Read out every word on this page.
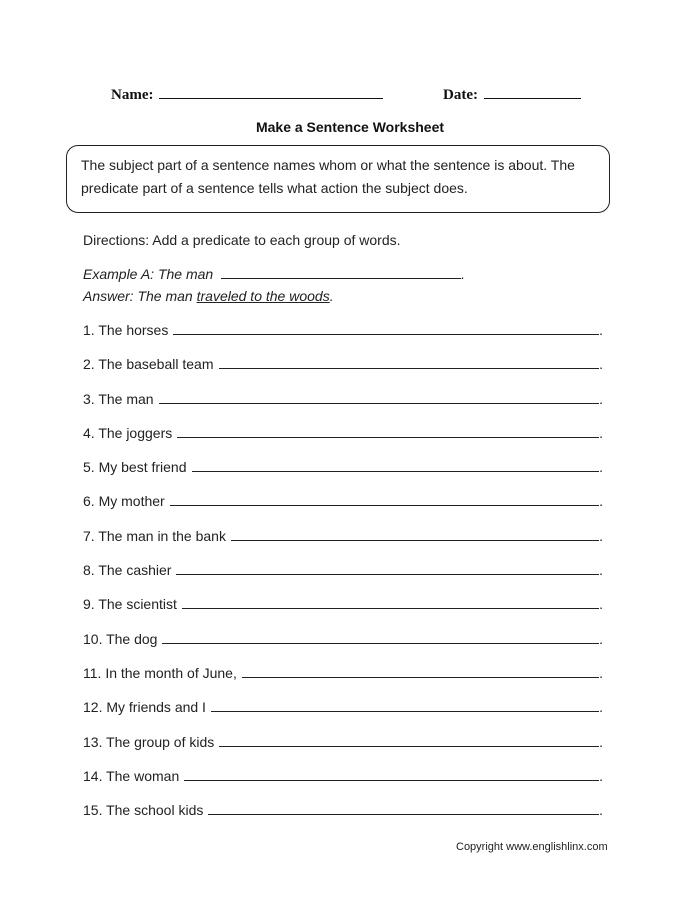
Name:	Date:
Make a Sentence Worksheet
The subject part of a sentence names whom or what the sentence is about. The
predicate part of a sentence tells what action the subject does.
Directions: Add a predicate to each group of words.
Example A: The man	.
Answer: The man traveled to the woods.
1. The horses	.
2. The baseball team	.
3. The man	.
4. The joggers	.
5. My best friend	.
6. My mother	.
7. The man in the bank	.
8. The cashier	.
9. The scientist	.
10. The dog	.
11. In the month of June,	.
12. My friends and I	.
13. The group of kids	.
14. The woman	.
15. The school kids	.
Copyright www.englishlinx.com
